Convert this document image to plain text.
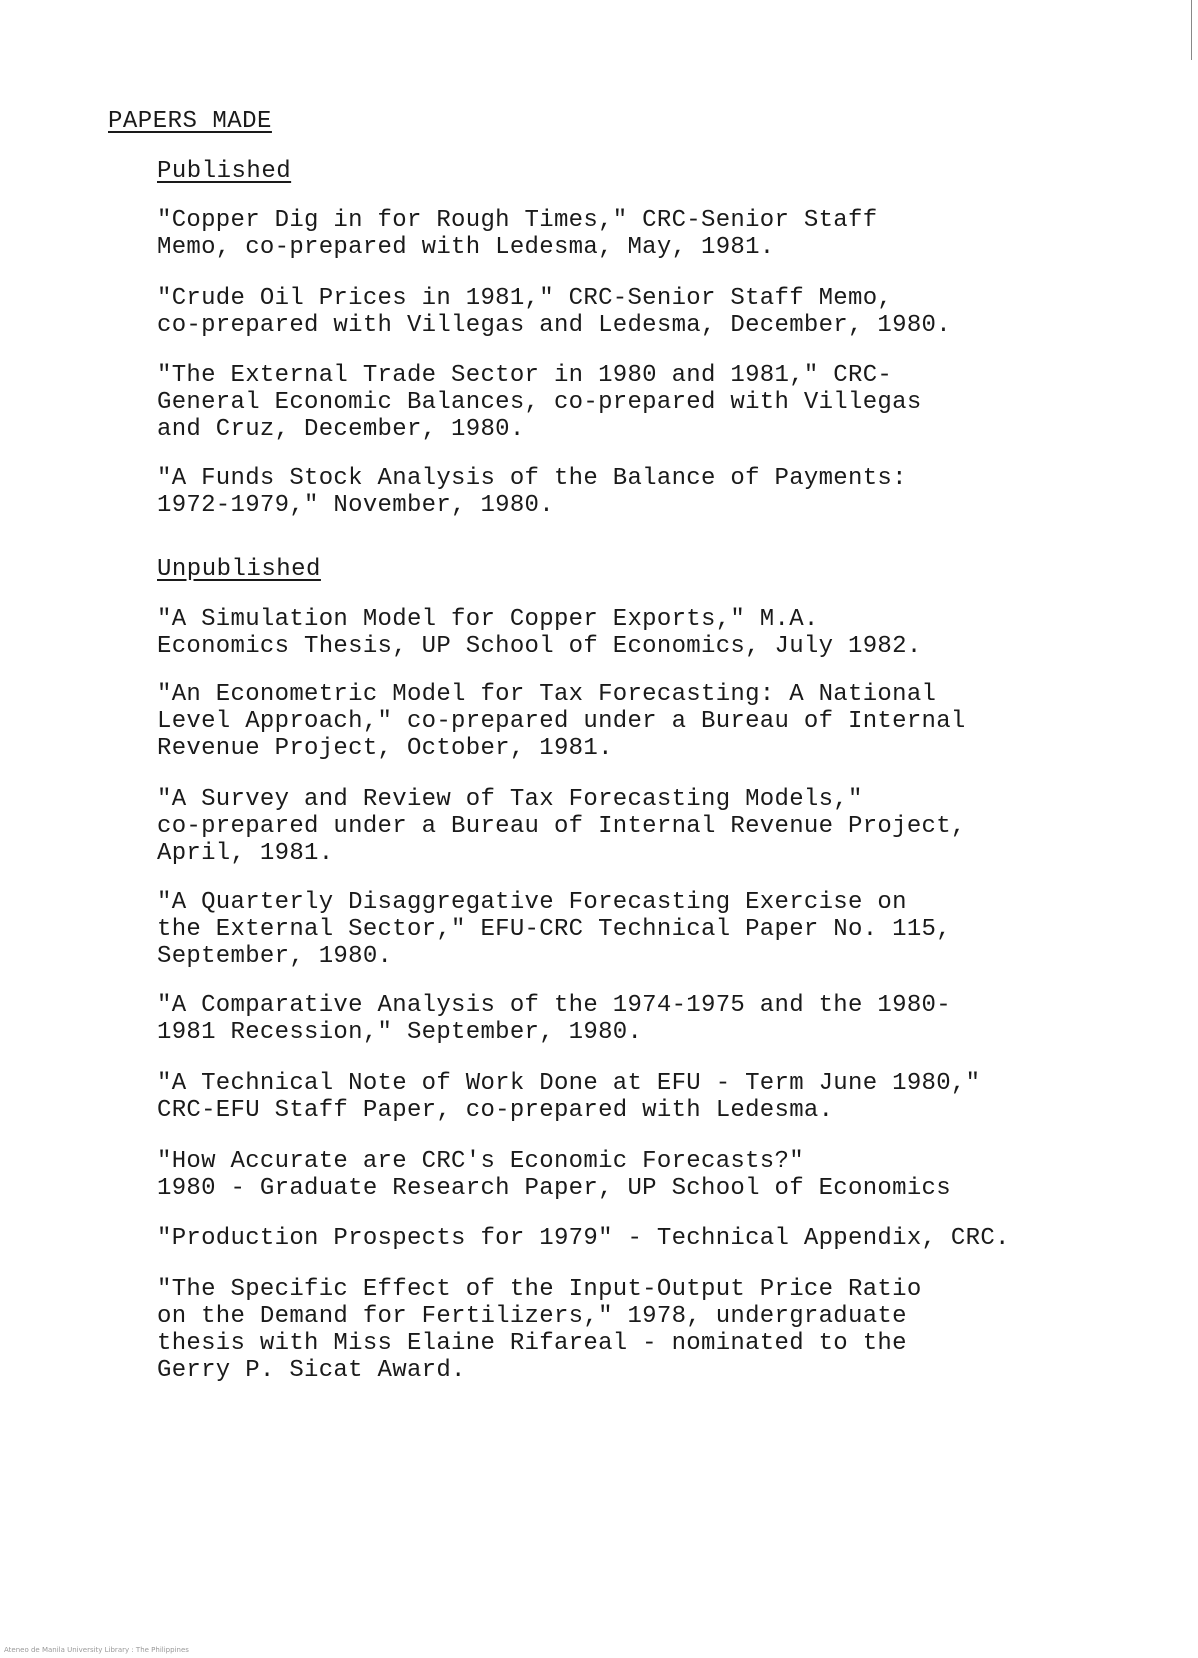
PAPERS MADE
Published
"Copper Dig in for Rough Times," CRC-Senior Staff
Memo, co-prepared with Ledesma, May, 1981.
"Crude Oil Prices in 1981," CRC-Senior Staff Memo,
co-prepared with Villegas and Ledesma, December, 1980.
"The External Trade Sector in 1980 and 1981," CRC-
General Economic Balances, co-prepared with Villegas
and Cruz, December, 1980.
"A Funds Stock Analysis of the Balance of Payments:
1972-1979," November, 1980.
Unpublished
"A Simulation Model for Copper Exports," M.A.
Economics Thesis, UP School of Economics, July 1982.
"An Econometric Model for Tax Forecasting: A National
Level Approach," co-prepared under a Bureau of Internal
Revenue Project, October, 1981.
"A Survey and Review of Tax Forecasting Models,"
co-prepared under a Bureau of Internal Revenue Project,
April, 1981.
"A Quarterly Disaggregative Forecasting Exercise on
the External Sector," EFU-CRC Technical Paper No. 115,
September, 1980.
"A Comparative Analysis of the 1974-1975 and the 1980-
1981 Recession," September, 1980.
"A Technical Note of Work Done at EFU - Term June 1980,"
CRC-EFU Staff Paper, co-prepared with Ledesma.
"How Accurate are CRC's Economic Forecasts?"
1980 - Graduate Research Paper, UP School of Economics
"Production Prospects for 1979" - Technical Appendix, CRC.
"The Specific Effect of the Input-Output Price Ratio
on the Demand for Fertilizers," 1978, undergraduate
thesis with Miss Elaine Rifareal - nominated to the
Gerry P. Sicat Award.
Ateneo de Manila University Library : The Philippines
